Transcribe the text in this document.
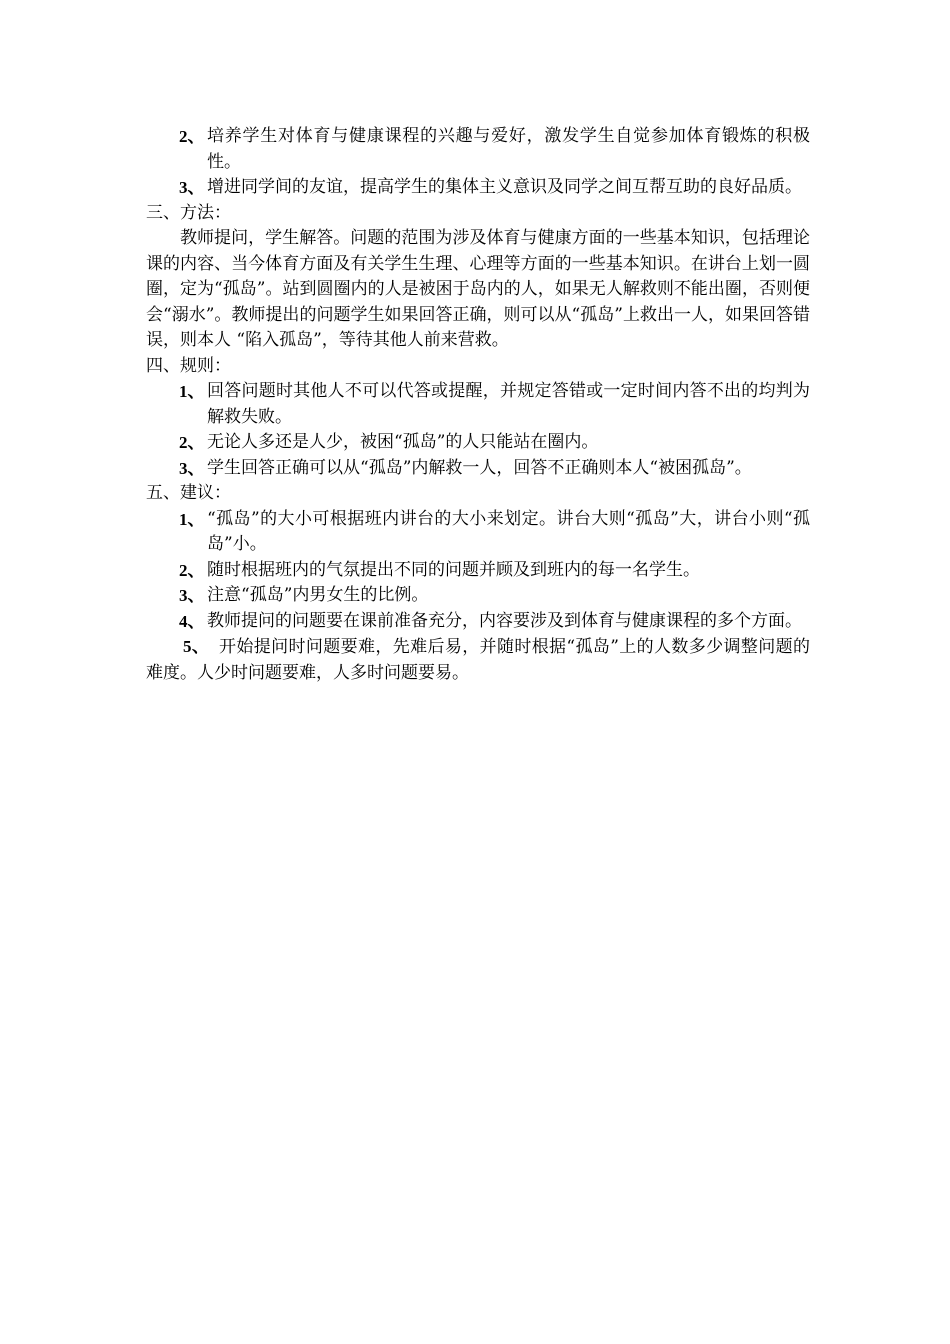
2、 培养学生对体育与健康课程的兴趣与爱好，激发学生自觉参加体育锻炼的积极性。
3、 增进同学间的友谊，提高学生的集体主义意识及同学之间互帮互助的良好品质。
三、方法：
教师提问，学生解答。问题的范围为涉及体育与健康方面的一些基本知识，包括理论课的内容、当今体育方面及有关学生生理、心理等方面的一些基本知识。在讲台上划一圆圈，定为“孤岛”。站到圆圈内的人是被困于岛内的人，如果无人解救则不能出圈，否则便会“溺水”。教师提出的问题学生如果回答正确，则可以从“孤岛”上救出一人，如果回答错误，则本人 “陷入孤岛”，等待其他人前来营救。
四、规则：
1、 回答问题时其他人不可以代答或提醒，并规定答错或一定时间内答不出的均判为解救失败。
2、 无论人多还是人少，被困“孤岛”的人只能站在圈内。
3、 学生回答正确可以从“孤岛”内解救一人，回答不正确则本人“被困孤岛”。
五、建议：
1、 “孤岛”的大小可根据班内讲台的大小来划定。讲台大则“孤岛”大，讲台小则“孤岛”小。
2、 随时根据班内的气氛提出不同的问题并顾及到班内的每一名学生。
3、 注意“孤岛”内男女生的比例。
4、 教师提问的问题要在课前准备充分，内容要涉及到体育与健康课程的多个方面。
5、 开始提问时问题要难，先难后易，并随时根据“孤岛”上的人数多少调整问题的难度。人少时问题要难，人多时问题要易。
